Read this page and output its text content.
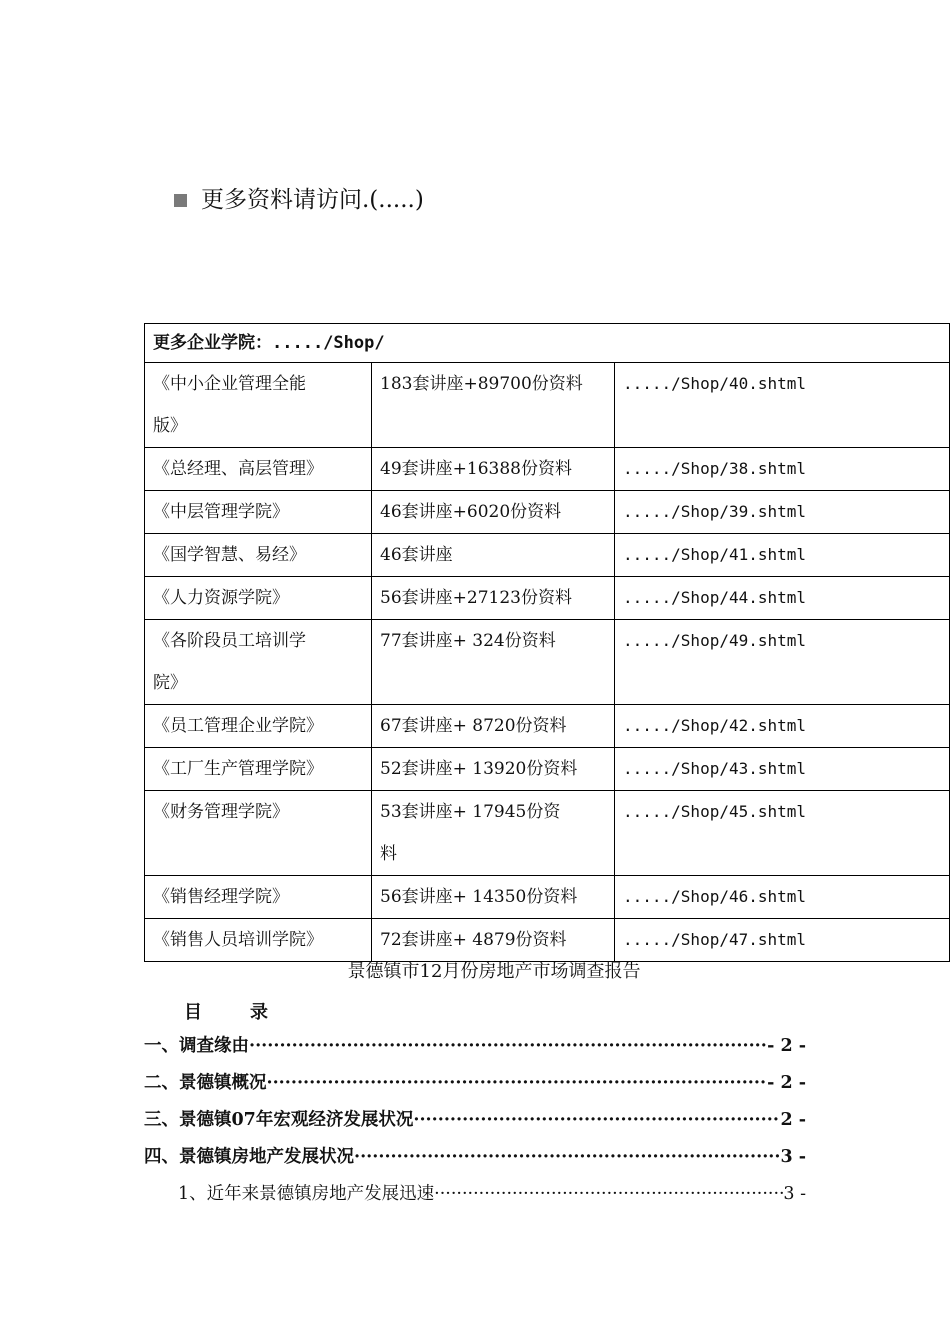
更多资料请访问.(.....)
更多企业学院：...../Shop/		

《中小企业管理全能
版》	183套讲座+89700份资料	...../Shop/40.shtml

《总经理、高层管理》	49套讲座+16388份资料	...../Shop/38.shtml

《中层管理学院》	46套讲座+6020份资料	...../Shop/39.shtml

《国学智慧、易经》	46套讲座	...../Shop/41.shtml

《人力资源学院》	56套讲座+27123份资料	...../Shop/44.shtml

《各阶段员工培训学
院》	77套讲座+ 324份资料	...../Shop/49.shtml

《员工管理企业学院》	67套讲座+ 8720份资料	...../Shop/42.shtml

《工厂生产管理学院》	52套讲座+ 13920份资料	...../Shop/43.shtml

《财务管理学院》	53套讲座+ 17945份资
料	...../Shop/45.shtml

《销售经理学院》	56套讲座+ 14350份资料	...../Shop/46.shtml

《销售人员培训学院》	72套讲座+ 4879份资料	...../Shop/47.shtml
景德镇市12月份房地产市场调查报告
目	录
一、调查缘由 ·····	- 2 -
二、景德镇概况 ·····	- 2 -
三、景德镇07年宏观经济发展状况 ·····	2 -
四、景德镇房地产发展状况 ·····	3 -
1、近年来景德镇房地产发展迅速 ·····	3 -
